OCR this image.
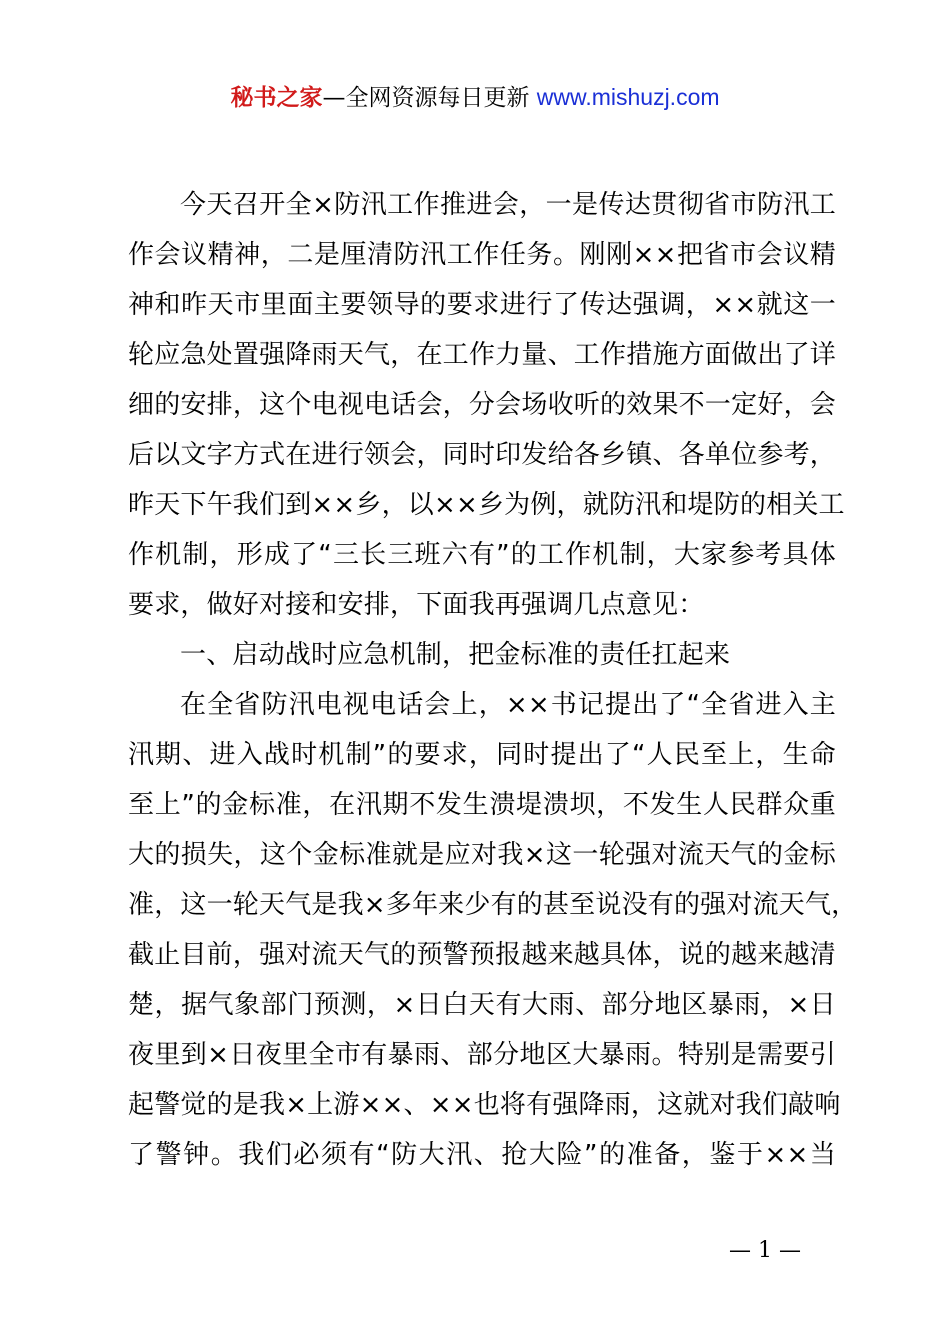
秘书之家—全网资源每日更新 www.mishuzj.com
今天召开全×防汛工作推进会，一是传达贯彻省市防汛工
作会议精神，二是厘清防汛工作任务。刚刚××把省市会议精
神和昨天市里面主要领导的要求进行了传达强调，××就这一
轮应急处置强降雨天气，在工作力量、工作措施方面做出了详
细的安排，这个电视电话会，分会场收听的效果不一定好，会
后以文字方式在进行领会，同时印发给各乡镇、各单位参考，
昨天下午我们到××乡，以××乡为例，就防汛和堤防的相关工
作机制，形成了“三长三班六有”的工作机制，大家参考具体
要求，做好对接和安排，下面我再强调几点意见：
一、启动战时应急机制，把金标准的责任扛起来
在全省防汛电视电话会上，××书记提出了“全省进入主
汛期、进入战时机制”的要求，同时提出了“人民至上，生命
至上”的金标准，在汛期不发生溃堤溃坝，不发生人民群众重
大的损失，这个金标准就是应对我×这一轮强对流天气的金标
准，这一轮天气是我×多年来少有的甚至说没有的强对流天气，
截止目前，强对流天气的预警预报越来越具体，说的越来越清
楚，据气象部门预测，×日白天有大雨、部分地区暴雨，×日
夜里到×日夜里全市有暴雨、部分地区大暴雨。特别是需要引
起警觉的是我×上游××、××也将有强降雨，这就对我们敲响
了警钟。我们必须有“防大汛、抢大险”的准备，鉴于××当
— 1 —
